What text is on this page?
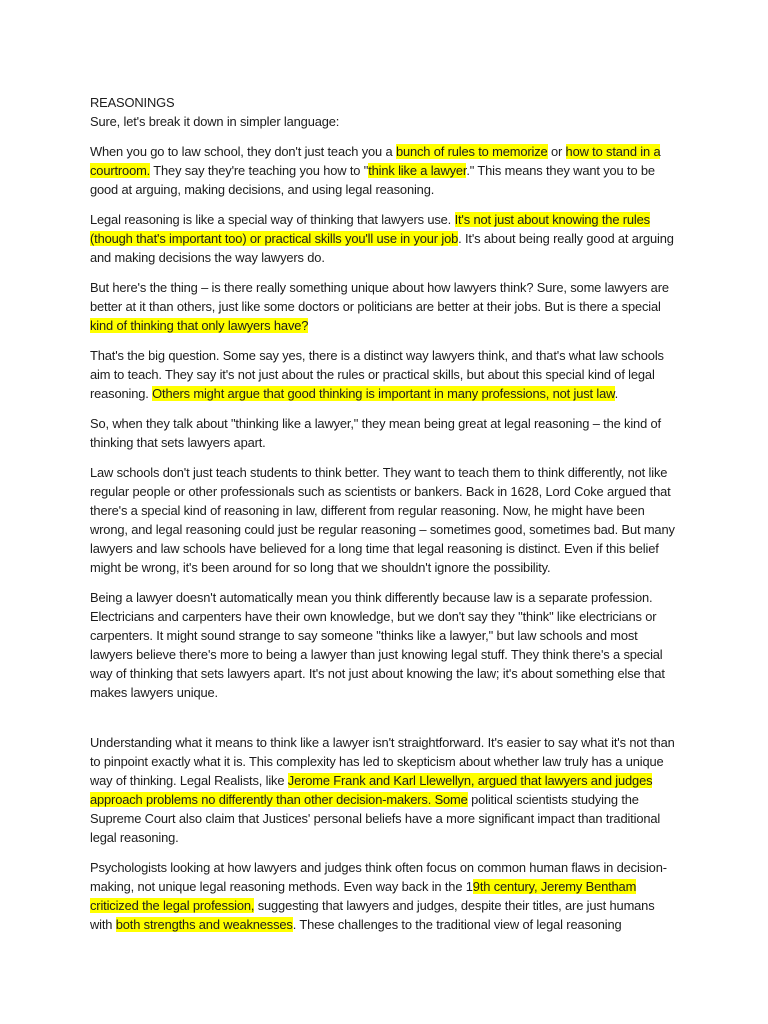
REASONINGS

Sure, let's break it down in simpler language:

When you go to law school, they don't just teach you a bunch of rules to memorize or how to stand in a courtroom. They say they're teaching you how to "think like a lawyer." This means they want you to be good at arguing, making decisions, and using legal reasoning.

Legal reasoning is like a special way of thinking that lawyers use. It's not just about knowing the rules (though that's important too) or practical skills you'll use in your job. It's about being really good at arguing and making decisions the way lawyers do.

But here's the thing – is there really something unique about how lawyers think? Sure, some lawyers are better at it than others, just like some doctors or politicians are better at their jobs. But is there a special kind of thinking that only lawyers have?

That's the big question. Some say yes, there is a distinct way lawyers think, and that's what law schools aim to teach. They say it's not just about the rules or practical skills, but about this special kind of legal reasoning. Others might argue that good thinking is important in many professions, not just law.

So, when they talk about "thinking like a lawyer," they mean being great at legal reasoning – the kind of thinking that sets lawyers apart.

Law schools don't just teach students to think better. They want to teach them to think differently, not like regular people or other professionals such as scientists or bankers. Back in 1628, Lord Coke argued that there's a special kind of reasoning in law, different from regular reasoning. Now, he might have been wrong, and legal reasoning could just be regular reasoning – sometimes good, sometimes bad. But many lawyers and law schools have believed for a long time that legal reasoning is distinct. Even if this belief might be wrong, it's been around for so long that we shouldn't ignore the possibility.

Being a lawyer doesn't automatically mean you think differently because law is a separate profession. Electricians and carpenters have their own knowledge, but we don't say they "think" like electricians or carpenters. It might sound strange to say someone "thinks like a lawyer," but law schools and most lawyers believe there's more to being a lawyer than just knowing legal stuff. They think there's a special way of thinking that sets lawyers apart. It's not just about knowing the law; it's about something else that makes lawyers unique.

Understanding what it means to think like a lawyer isn't straightforward. It's easier to say what it's not than to pinpoint exactly what it is. This complexity has led to skepticism about whether law truly has a unique way of thinking. Legal Realists, like Jerome Frank and Karl Llewellyn, argued that lawyers and judges approach problems no differently than other decision-makers. Some political scientists studying the Supreme Court also claim that Justices' personal beliefs have a more significant impact than traditional legal reasoning.

Psychologists looking at how lawyers and judges think often focus on common human flaws in decision-making, not unique legal reasoning methods. Even way back in the 19th century, Jeremy Bentham criticized the legal profession, suggesting that lawyers and judges, despite their titles, are just humans with both strengths and weaknesses. These challenges to the traditional view of legal reasoning
